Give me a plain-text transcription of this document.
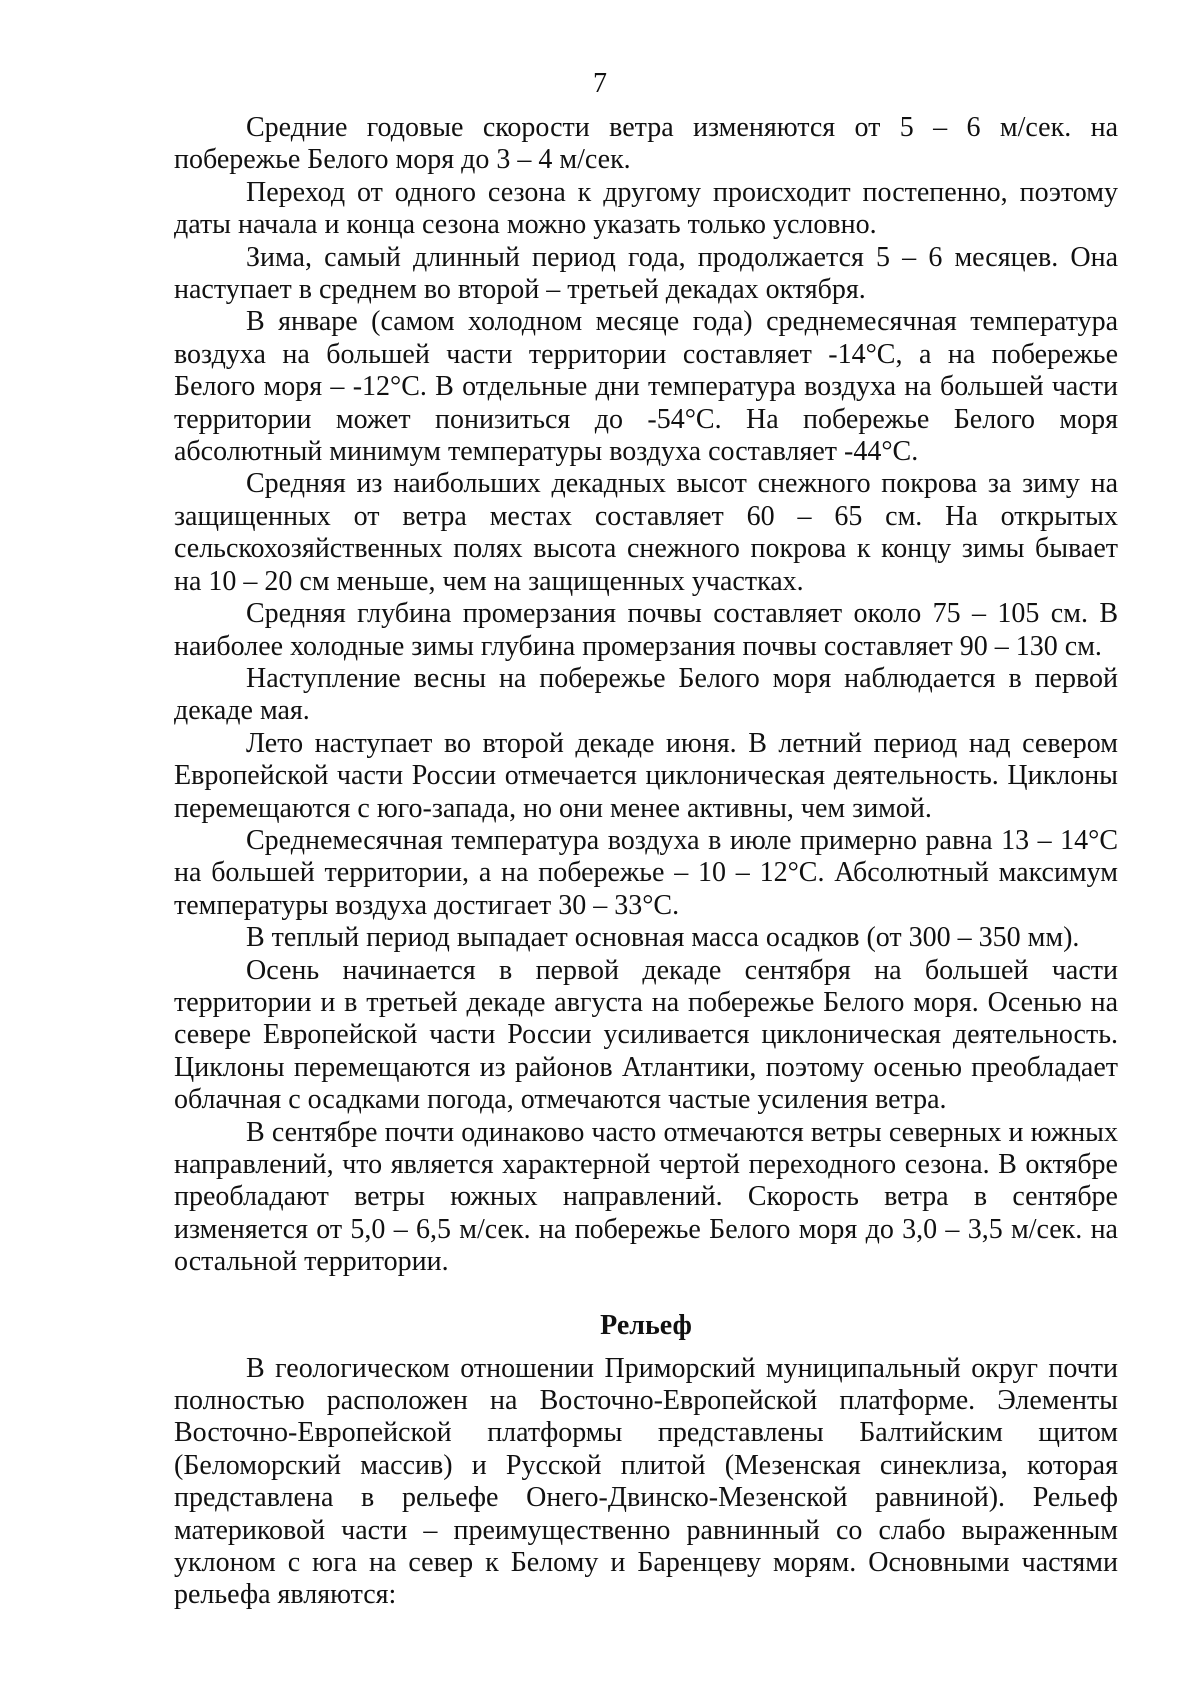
7

Средние годовые скорости ветра изменяются от 5 – 6 м/сек. на побережье Белого моря до 3 – 4 м/сек.

Переход от одного сезона к другому происходит постепенно, поэтому даты начала и конца сезона можно указать только условно.

Зима, самый длинный период года, продолжается 5 – 6 месяцев. Она наступает в среднем во второй – третьей декадах октября.

В январе (самом холодном месяце года) среднемесячная температура воздуха на большей части территории составляет -14°С, а на побережье Белого моря – -12°С. В отдельные дни температура воздуха на большей части территории может понизиться до -54°С. На побережье Белого моря абсолютный минимум температуры воздуха составляет -44°С.

Средняя из наибольших декадных высот снежного покрова за зиму на защищенных от ветра местах составляет 60 – 65 см. На открытых сельскохозяйственных полях высота снежного покрова к концу зимы бывает на 10 – 20 см меньше, чем на защищенных участках.

Средняя глубина промерзания почвы составляет около 75 – 105 см. В наиболее холодные зимы глубина промерзания почвы составляет 90 – 130 см.

Наступление весны на побережье Белого моря наблюдается в первой декаде мая.

Лето наступает во второй декаде июня. В летний период над севером Европейской части России отмечается циклоническая деятельность. Циклоны перемещаются с юго-запада, но они менее активны, чем зимой.

Среднемесячная температура воздуха в июле примерно равна 13 – 14°С на большей территории, а на побережье – 10 – 12°С. Абсолютный максимум температуры воздуха достигает 30 – 33°С.

В теплый период выпадает основная масса осадков (от 300 – 350 мм).

Осень начинается в первой декаде сентября на большей части территории и в третьей декаде августа на побережье Белого моря. Осенью на севере Европейской части России усиливается циклоническая деятельность. Циклоны перемещаются из районов Атлантики, поэтому осенью преобладает облачная с осадками погода, отмечаются частые усиления ветра.

В сентябре почти одинаково часто отмечаются ветры северных и южных направлений, что является характерной чертой переходного сезона. В октябре преобладают ветры южных направлений. Скорость ветра в сентябре изменяется от 5,0 – 6,5 м/сек. на побережье Белого моря до 3,0 – 3,5 м/сек. на остальной территории.

Рельеф

В геологическом отношении Приморский муниципальный округ почти полностью расположен на Восточно-Европейской платформе. Элементы Восточно-Европейской платформы представлены Балтийским щитом (Беломорский массив) и Русской плитой (Мезенская синеклиза, которая представлена в рельефе Онего-Двинско-Мезенской равниной). Рельеф материковой части – преимущественно равнинный со слабо выраженным уклоном с юга на север к Белому и Баренцеву морям. Основными частями рельефа являются:
